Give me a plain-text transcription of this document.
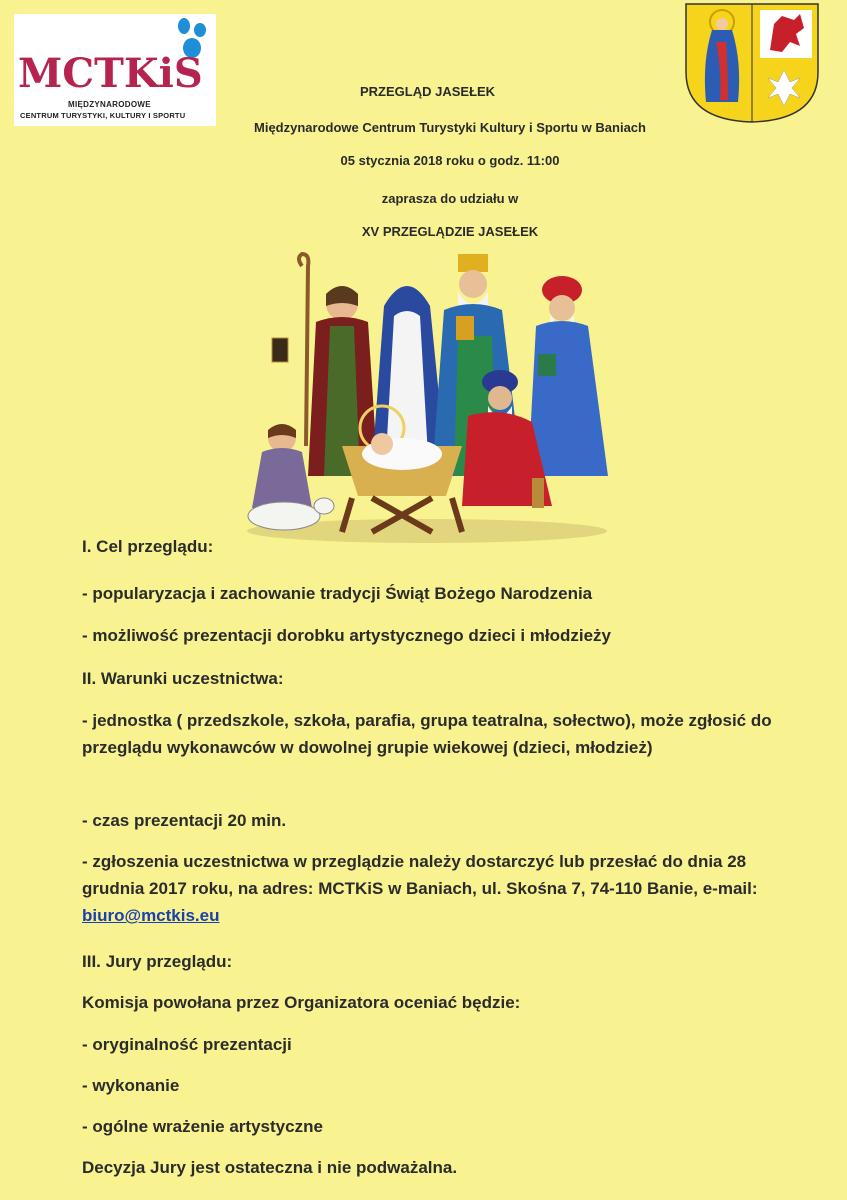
MCTKiS
MIĘDZYNARODOWE
CENTRUM TURYSTYKI, KULTURY I SPORTU
PRZEGLĄD JASEŁEK
Międzynarodowe Centrum Turystyki Kultury i Sportu w Baniach
05 stycznia 2018 roku o godz. 11:00
zaprasza do udziału w
XV PRZEGLĄDZIE JASEŁEK
I. Cel przeglądu:
- popularyzacja i zachowanie tradycji Świąt Bożego Narodzenia
- możliwość prezentacji dorobku artystycznego dzieci i młodzieży
II. Warunki uczestnictwa:
- jednostka ( przedszkole, szkoła, parafia, grupa teatralna, sołectwo), może zgłosić do przeglądu wykonawców w dowolnej grupie wiekowej (dzieci, młodzież)
- czas prezentacji 20 min.
- zgłoszenia uczestnictwa w przeglądzie należy dostarczyć lub przesłać do dnia 28 grudnia 2017 roku, na adres: MCTKiS w Baniach, ul. Skośna 7, 74-110 Banie, e-mail: biuro@mctkis.eu
III. Jury przeglądu:
Komisja powołana przez Organizatora oceniać będzie:
- oryginalność prezentacji
- wykonanie
- ogólne wrażenie artystyczne
Decyzja Jury jest ostateczna i nie podważalna.
